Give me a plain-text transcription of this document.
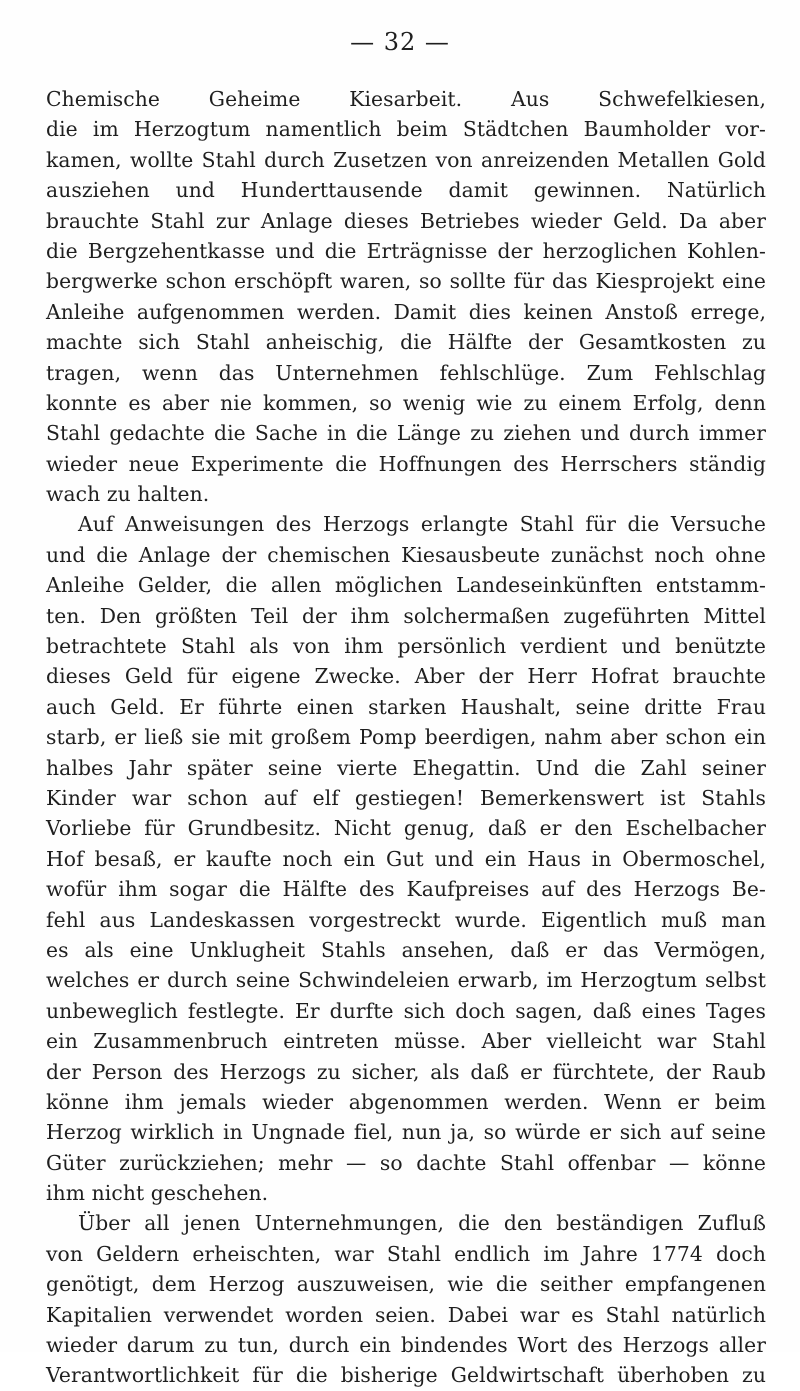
— 32 —
Chemische Geheime Kiesarbeit. Aus Schwefelkiesen,
die im Herzogtum namentlich beim Städtchen Baumholder vor-
kamen, wollte Stahl durch Zusetzen von anreizenden Metallen Gold
ausziehen und Hunderttausende damit gewinnen. Natürlich
brauchte Stahl zur Anlage dieses Betriebes wieder Geld. Da aber
die Bergzehentkasse und die Erträgnisse der herzoglichen Kohlen-
bergwerke schon erschöpft waren, so sollte für das Kiesprojekt eine
Anleihe aufgenommen werden. Damit dies keinen Anstoß errege,
machte sich Stahl anheischig, die Hälfte der Gesamtkosten zu
tragen, wenn das Unternehmen fehlschlüge. Zum Fehlschlag
konnte es aber nie kommen, so wenig wie zu einem Erfolg, denn
Stahl gedachte die Sache in die Länge zu ziehen und durch immer
wieder neue Experimente die Hoffnungen des Herrschers ständig
wach zu halten.
Auf Anweisungen des Herzogs erlangte Stahl für die Versuche
und die Anlage der chemischen Kiesausbeute zunächst noch ohne
Anleihe Gelder, die allen möglichen Landeseinkünften entstamm-
ten. Den größten Teil der ihm solchermaßen zugeführten Mittel
betrachtete Stahl als von ihm persönlich verdient und benützte
dieses Geld für eigene Zwecke. Aber der Herr Hofrat brauchte
auch Geld. Er führte einen starken Haushalt, seine dritte Frau
starb, er ließ sie mit großem Pomp beerdigen, nahm aber schon ein
halbes Jahr später seine vierte Ehegattin. Und die Zahl seiner
Kinder war schon auf elf gestiegen! Bemerkenswert ist Stahls
Vorliebe für Grundbesitz. Nicht genug, daß er den Eschelbacher
Hof besaß, er kaufte noch ein Gut und ein Haus in Obermoschel,
wofür ihm sogar die Hälfte des Kaufpreises auf des Herzogs Be-
fehl aus Landeskassen vorgestreckt wurde. Eigentlich muß man
es als eine Unklugheit Stahls ansehen, daß er das Vermögen,
welches er durch seine Schwindeleien erwarb, im Herzogtum selbst
unbeweglich festlegte. Er durfte sich doch sagen, daß eines Tages
ein Zusammenbruch eintreten müsse. Aber vielleicht war Stahl
der Person des Herzogs zu sicher, als daß er fürchtete, der Raub
könne ihm jemals wieder abgenommen werden. Wenn er beim
Herzog wirklich in Ungnade fiel, nun ja, so würde er sich auf seine
Güter zurückziehen; mehr — so dachte Stahl offenbar — könne
ihm nicht geschehen.
Über all jenen Unternehmungen, die den beständigen Zufluß
von Geldern erheischten, war Stahl endlich im Jahre 1774 doch
genötigt, dem Herzog auszuweisen, wie die seither empfangenen
Kapitalien verwendet worden seien. Dabei war es Stahl natürlich
wieder darum zu tun, durch ein bindendes Wort des Herzogs aller
Verantwortlichkeit für die bisherige Geldwirtschaft überhoben zu
